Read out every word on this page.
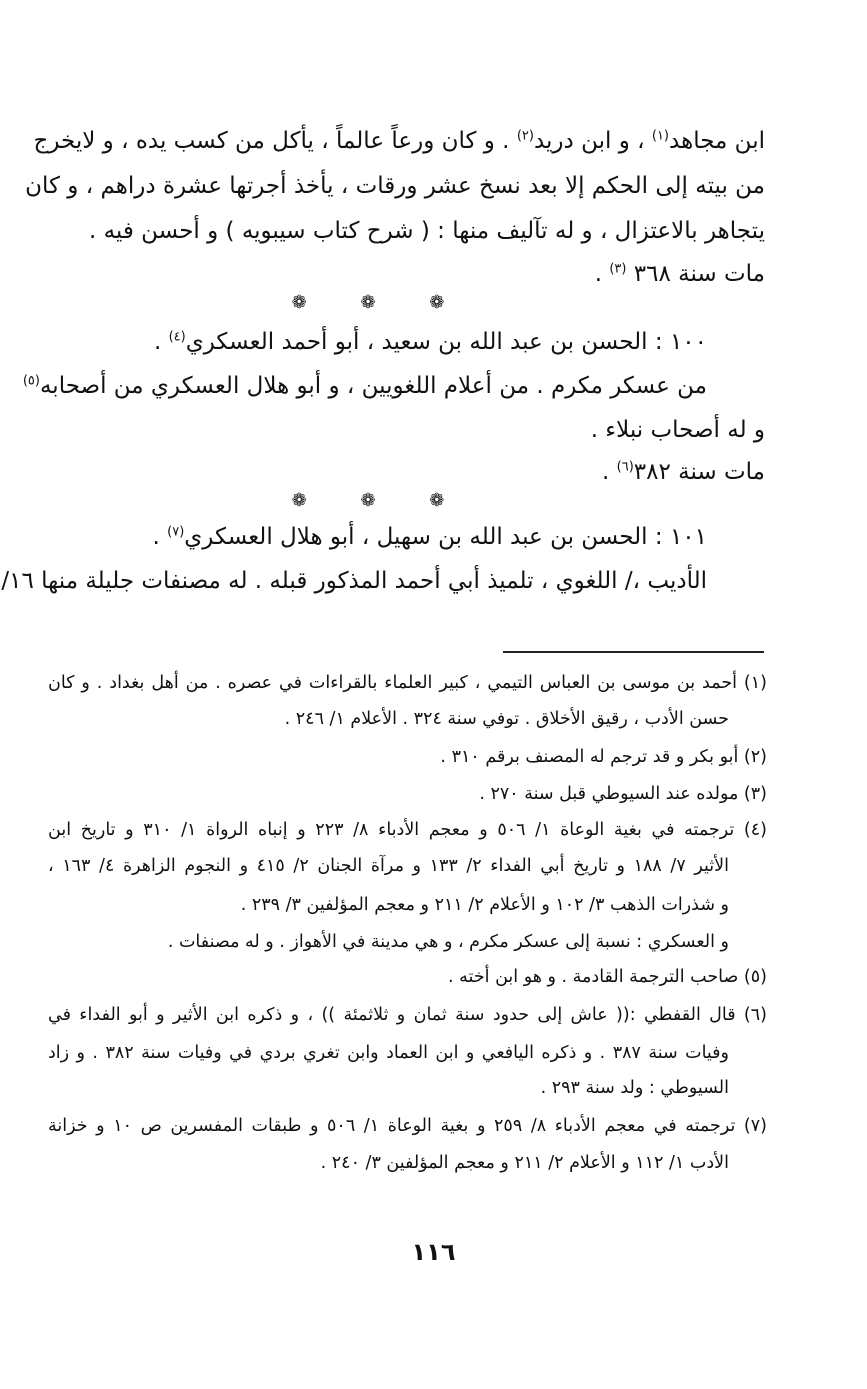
ابن مجاهد$^{(١)}$ ، و ابن دريد$^{(٢)}$ . و كان ورعاً عالماً ، يأكل من كسب يده ، و لايخرج
من بيته إلى الحكم إلا بعد نسخ عشر ورقات ، يأخذ أجرتها عشرة دراهم ، و كان
يتجاهر بالاعتزال ، و له تآليف منها : ( شرح كتاب سيبويه ) و أحسن فيه .
مات سنة ٣٦٨ $^{(٣)}$ .
❁ ❁ ❁
١٠٠ : الحسن بن عبد الله بن سعيد ، أبو أحمد العسكري$^{(٤)}$ .
من عسكر مكرم . من أعلام اللغويين ، و أبو هلال العسكري من أصحابه$^{(٥)}$
و له أصحاب نبلاء .
مات سنة ٣٨٢$^{(٦)}$ .
❁ ❁ ❁
١٠١ : الحسن بن عبد الله بن سهيل ، أبو هلال العسكري$^{(٧)}$ .
الأديب ،/ اللغوي ، تلميذ أبي أحمد المذكور قبله . له مصنفات جليلة منها ١٦/
(١) أحمد بن موسى بن العباس التيمي ، كبير العلماء بالقراءات في عصره . من أهل بغداد . و كان
حسن الأدب ، رقيق الأخلاق . توفي سنة ٣٢٤ . الأعلام ١/ ٢٤٦ .
(٢) أبو بكر و قد ترجم له المصنف برقم ٣١٠ .
(٣) مولده عند السيوطي قبل سنة ٢٧٠ .
(٤) ترجمته في بغية الوعاة ١/ ٥٠٦ و معجم الأدباء ٨/ ٢٢٣ و إنباه الرواة ١/ ٣١٠ و تاريخ ابن
الأثير ٧/ ١٨٨ و تاريخ أبي الفداء ٢/ ١٣٣ و مرآة الجنان ٢/ ٤١٥ و النجوم الزاهرة ٤/ ١٦٣ ،
و شذرات الذهب ٣/ ١٠٢ و الأعلام ٢/ ٢١١ و معجم المؤلفين ٣/ ٢٣٩ .
و العسكري : نسبة إلى عسكر مكرم ، و هي مدينة في الأهواز . و له مصنفات .
(٥) صاحب الترجمة القادمة . و هو ابن أخته .
(٦) قال القفطي :(( عاش إلى حدود سنة ثمان و ثلاثمئة )) ، و ذكره ابن الأثير و أبو الفداء في
وفيات سنة ٣٨٧ . و ذكره اليافعي و ابن العماد وابن تغري بردي في وفيات سنة ٣٨٢ . و زاد
السيوطي : ولد سنة ٢٩٣ .
(٧) ترجمته في معجم الأدباء ٨/ ٢٥٩ و بغية الوعاة ١/ ٥٠٦ و طبقات المفسرين ص ١٠ و خزانة
الأدب ١/ ١١٢ و الأعلام ٢/ ٢١١ و معجم المؤلفين ٣/ ٢٤٠ .
١١٦
